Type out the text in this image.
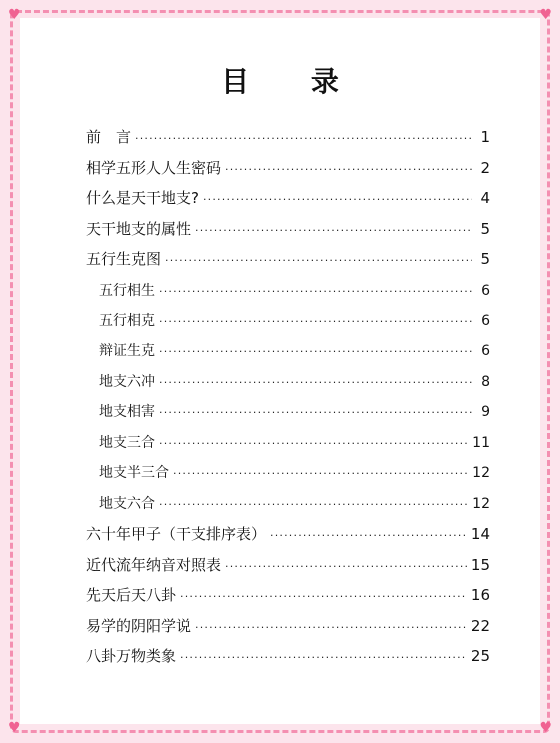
♥	♥
♥	♥
目 录
前　言 ·····	1
相学五形人人生密码 ·····	2
什么是天干地支? ·····	4
天干地支的属性 ·····	5
五行生克图 ·····	5
五行相生 ·····	6
五行相克 ·····	6
辩证生克 ·····	6
地支六冲 ·····	8
地支相害 ·····	9
地支三合 ·····	11
地支半三合 ·····	12
地支六合 ·····	12
六十年甲子（干支排序表） ·····	14
近代流年纳音对照表 ·····	15
先天后天八卦 ·····	16
易学的阴阳学说 ·····	22
八卦万物类象 ·····	25
